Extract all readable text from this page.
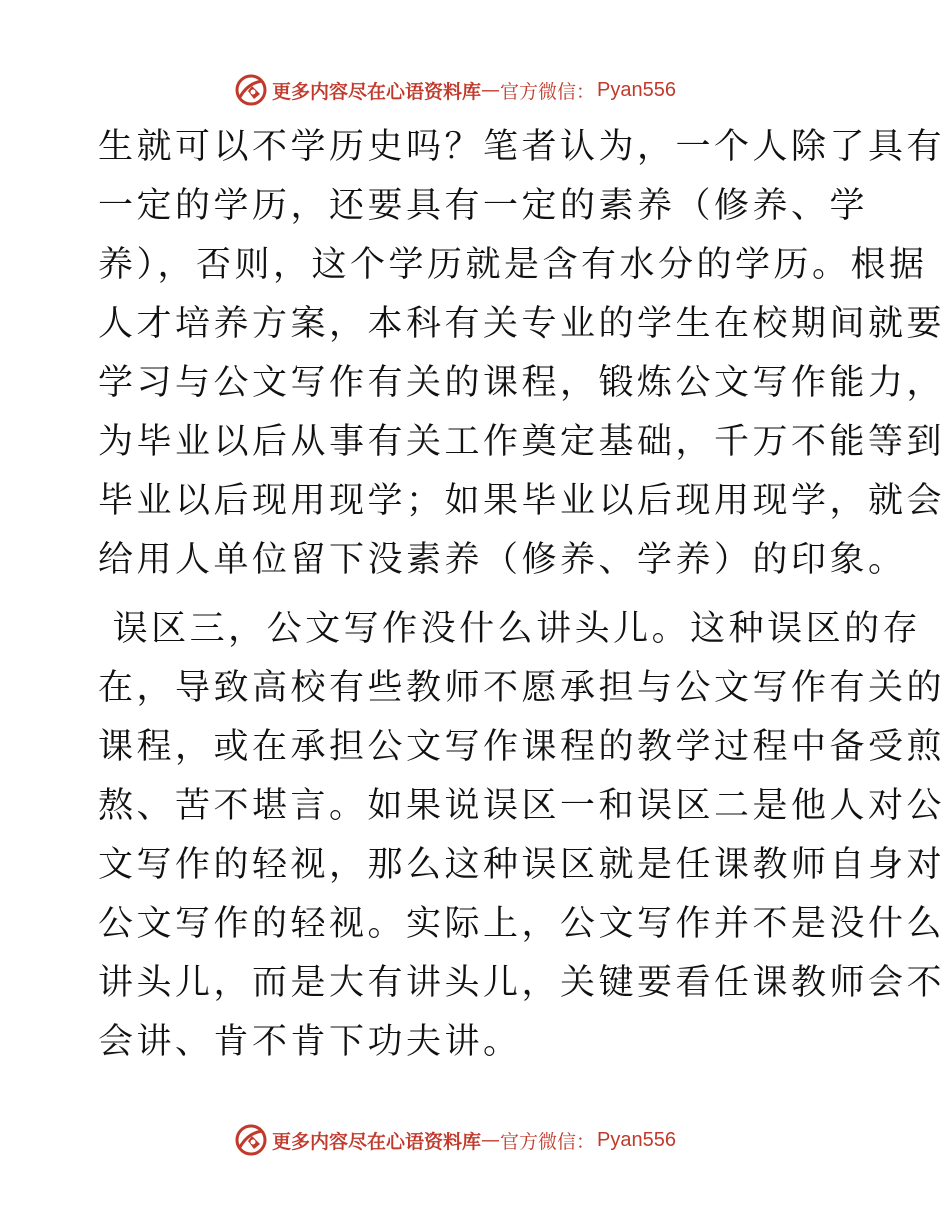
更多内容尽在心语资料库 — 官方微信 ： Pyan556
生就可以不学历史吗？笔者认为，一个人除了具有
一定的学历，还要具有一定的素养（修养、学
养），否则，这个学历就是含有水分的学历。根据
人才培养方案，本科有关专业的学生在校期间就要
学习与公文写作有关的课程，锻炼公文写作能力，
为毕业以后从事有关工作奠定基础，千万不能等到
毕业以后现用现学；如果毕业以后现用现学，就会
给用人单位留下没素养（修养、学养）的印象。
误区三，公文写作没什么讲头儿。这种误区的存
在，导致高校有些教师不愿承担与公文写作有关的
课程，或在承担公文写作课程的教学过程中备受煎
熬、苦不堪言。如果说误区一和误区二是他人对公
文写作的轻视，那么这种误区就是任课教师自身对
公文写作的轻视。实际上，公文写作并不是没什么
讲头儿，而是大有讲头儿，关键要看任课教师会不
会讲、肯不肯下功夫讲。
更多内容尽在心语资料库 — 官方微信 ： Pyan556
